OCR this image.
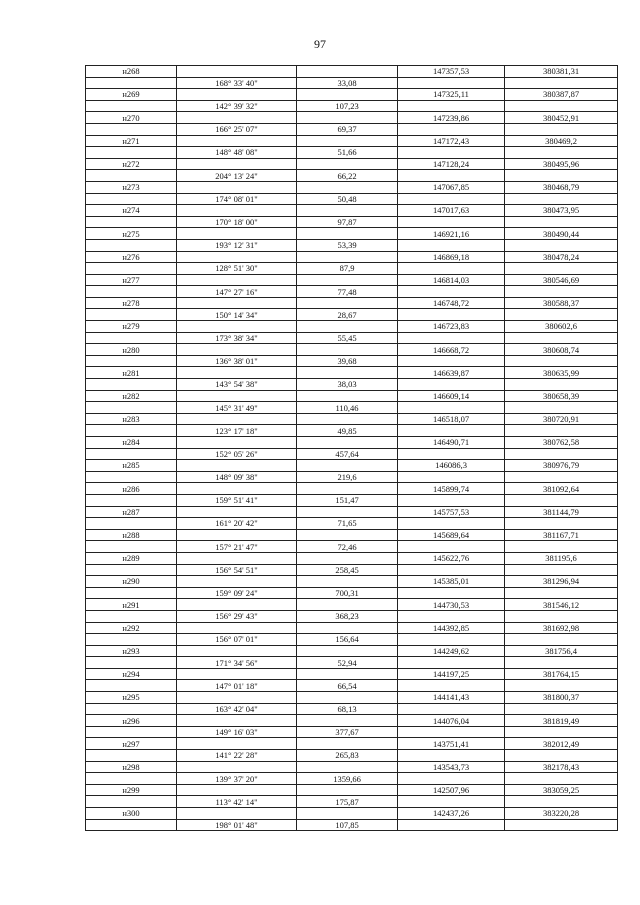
97
н268			147357,53	380381,31
	168° 33' 40"	33,08		
н269			147325,11	380387,87
	142° 39' 32"	107,23		
н270			147239,86	380452,91
	166° 25' 07"	69,37		
н271			147172,43	380469,2
	148° 48' 08"	51,66		
н272			147128,24	380495,96
	204° 13' 24"	66,22		
н273			147067,85	380468,79
	174° 08' 01"	50,48		
н274			147017,63	380473,95
	170° 18' 00"	97,87		
н275			146921,16	380490,44
	193° 12' 31"	53,39		
н276			146869,18	380478,24
	128° 51' 30"	87,9		
н277			146814,03	380546,69
	147° 27' 16"	77,48		
н278			146748,72	380588,37
	150° 14' 34"	28,67		
н279			146723,83	380602,6
	173° 38' 34"	55,45		
н280			146668,72	380608,74
	136° 38' 01"	39,68		
н281			146639,87	380635,99
	143° 54' 38"	38,03		
н282			146609,14	380658,39
	145° 31' 49"	110,46		
н283			146518,07	380720,91
	123° 17' 18"	49,85		
н284			146490,71	380762,58
	152° 05' 26"	457,64		
н285			146086,3	380976,79
	148° 09' 38"	219,6		
н286			145899,74	381092,64
	159° 51' 41"	151,47		
н287			145757,53	381144,79
	161° 20' 42"	71,65		
н288			145689,64	381167,71
	157° 21' 47"	72,46		
н289			145622,76	381195,6
	156° 54' 51"	258,45		
н290			145385,01	381296,94
	159° 09' 24"	700,31		
н291			144730,53	381546,12
	156° 29' 43"	368,23		
н292			144392,85	381692,98
	156° 07' 01"	156,64		
н293			144249,62	381756,4
	171° 34' 56"	52,94		
н294			144197,25	381764,15
	147° 01' 18"	66,54		
н295			144141,43	381800,37
	163° 42' 04"	68,13		
н296			144076,04	381819,49
	149° 16' 03"	377,67		
н297			143751,41	382012,49
	141° 22' 28"	265,83		
н298			143543,73	382178,43
	139° 37' 20"	1359,66		
н299			142507,96	383059,25
	113° 42' 14"	175,87		
н300			142437,26	383220,28
	198° 01' 48"	107,85		
